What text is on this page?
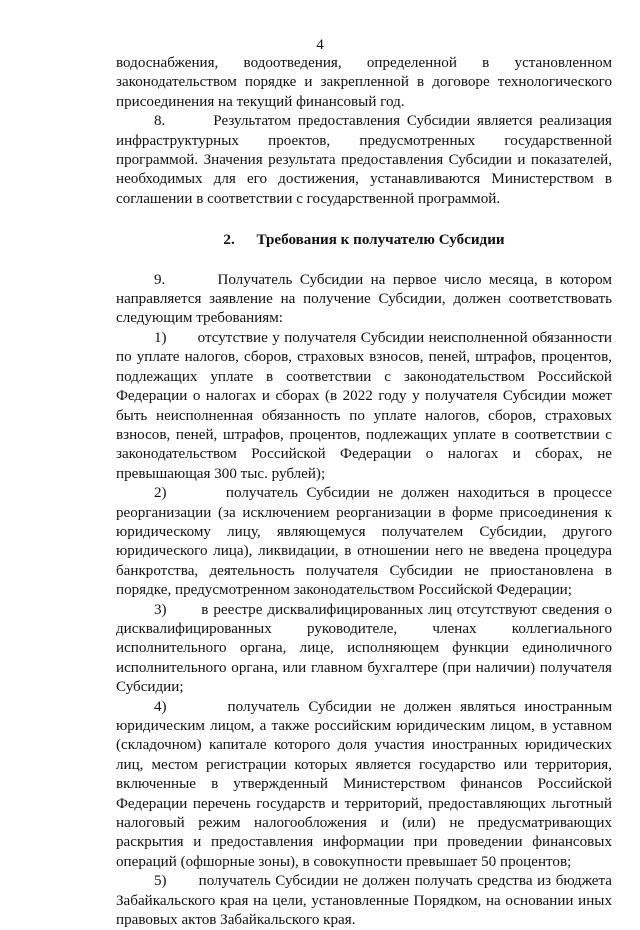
4

водоснабжения, водоотведения, определенной в установленном законодательством порядке и закрепленной в договоре технологического присоединения на текущий финансовый год.

8.       Результатом предоставления Субсидии является реализация инфраструктурных проектов, предусмотренных государственной программой. Значения результата предоставления Субсидии и показателей, необходимых для его достижения, устанавливаются Министерством в соглашении в соответствии с государственной программой.

2. Требования к получателю Субсидии

9.       Получатель Субсидии на первое число месяца, в котором направляется заявление на получение Субсидии, должен соответствовать следующим требованиям:

1)       отсутствие у получателя Субсидии неисполненной обязанности по уплате налогов, сборов, страховых взносов, пеней, штрафов, процентов, подлежащих уплате в соответствии с законодательством Российской Федерации о налогах и сборах (в 2022 году у получателя Субсидии может быть неисполненная обязанность по уплате налогов, сборов, страховых взносов, пеней, штрафов, процентов, подлежащих уплате в соответствии с законодательством Российской Федерации о налогах и сборах, не превышающая 300 тыс. рублей);

2)       получатель Субсидии не должен находиться в процессе реорганизации (за исключением реорганизации в форме присоединения к юридическому лицу, являющемуся получателем Субсидии, другого юридического лица), ликвидации, в отношении него не введена процедура банкротства, деятельность получателя Субсидии не приостановлена в порядке, предусмотренном законодательством Российской Федерации;

3)       в реестре дисквалифицированных лиц отсутствуют сведения о дисквалифицированных руководителе, членах коллегиального исполнительного органа, лице, исполняющем функции единоличного исполнительного органа, или главном бухгалтере (при наличии) получателя Субсидии;

4)       получатель Субсидии не должен являться иностранным юридическим лицом, а также российским юридическим лицом, в уставном (складочном) капитале которого доля участия иностранных юридических лиц, местом регистрации которых является государство или территория, включенные в утвержденный Министерством финансов Российской Федерации перечень государств и территорий, предоставляющих льготный налоговый режим налогообложения и (или) не предусматривающих раскрытия и предоставления информации при проведении финансовых операций (офшорные зоны), в совокупности превышает 50 процентов;

5)       получатель Субсидии не должен получать средства из бюджета Забайкальского края на цели, установленные Порядком, на основании иных правовых актов Забайкальского края.
